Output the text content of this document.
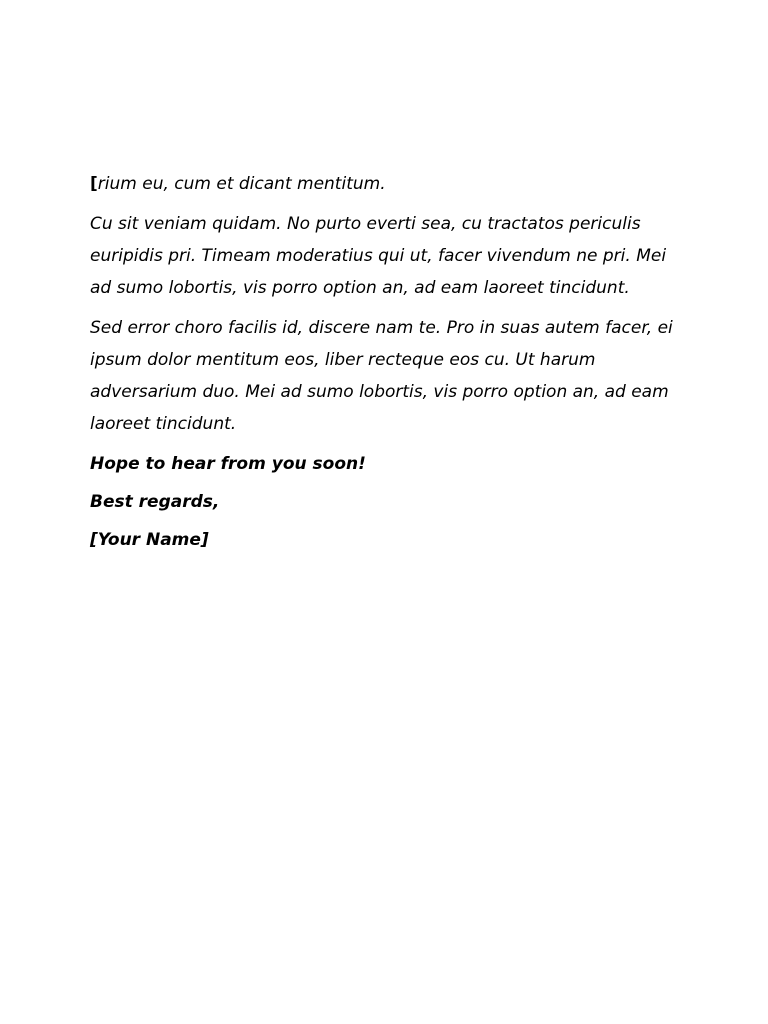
[rium eu, cum et dicant mentitum.

Cu sit veniam quidam. No purto everti sea, cu tractatos periculis euripidis pri. Timeam moderatius qui ut, facer vivendum ne pri. Mei ad sumo lobortis, vis porro option an, ad eam laoreet tincidunt.

Sed error choro facilis id, discere nam te. Pro in suas autem facer, ei ipsum dolor mentitum eos, liber recteque eos cu. Ut harum adversarium duo. Mei ad sumo lobortis, vis porro option an, ad eam laoreet tincidunt.

Hope to hear from you soon!

Best regards,

[Your Name]
